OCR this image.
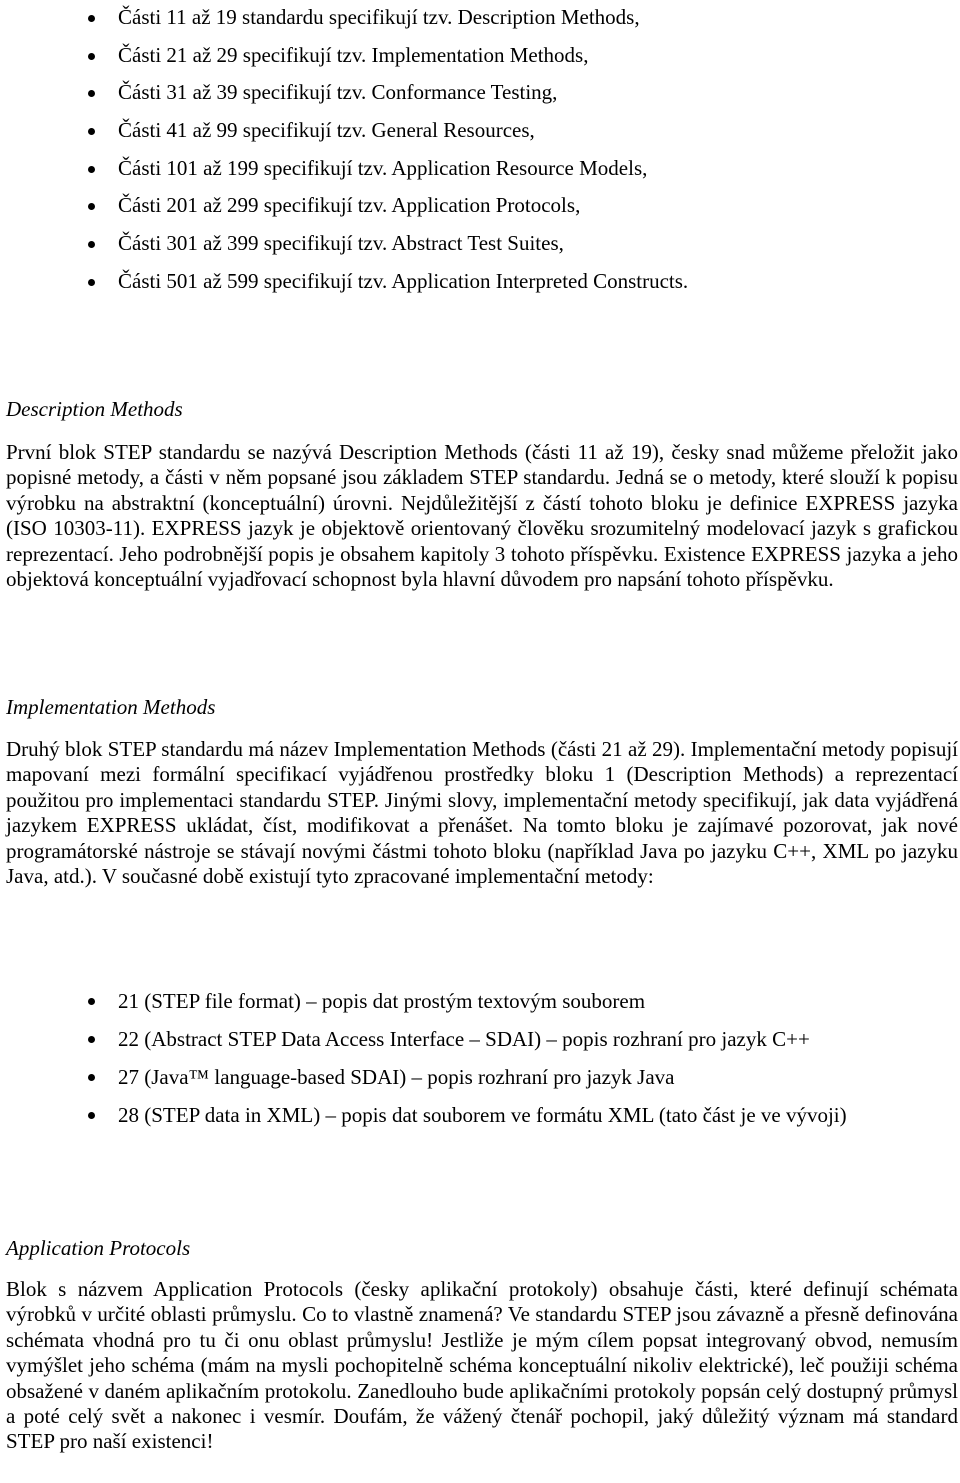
Části 11 až 19 standardu specifikují tzv. Description Methods,
Části 21 až 29 specifikují tzv. Implementation Methods,
Části 31 až 39 specifikují tzv. Conformance Testing,
Části 41 až 99 specifikují tzv. General Resources,
Části 101 až 199 specifikují tzv. Application Resource Models,
Části 201 až 299 specifikují tzv. Application Protocols,
Části 301 až 399 specifikují tzv. Abstract Test Suites,
Části 501 až 599 specifikují tzv. Application Interpreted Constructs.
Description Methods

První blok STEP standardu se nazývá Description Methods (části 11 až 19), česky snad můžeme přeložit jako popisné metody, a části v něm popsané jsou základem STEP standardu. Jedná se o metody, které slouží k popisu výrobku na abstraktní (konceptuální) úrovni. Nejdůležitější z částí tohoto bloku je definice EXPRESS jazyka (ISO 10303-11). EXPRESS jazyk je objektově orientovaný člověku srozumitelný modelovací jazyk s grafickou reprezentací. Jeho podrobnější popis je obsahem kapitoly 3 tohoto příspěvku. Existence EXPRESS jazyka a jeho objektová konceptuální vyjadřovací schopnost byla hlavní důvodem pro napsání tohoto příspěvku.

Implementation Methods

Druhý blok STEP standardu má název Implementation Methods (části 21 až 29). Implementační metody popisují mapovaní mezi formální specifikací vyjádřenou prostředky bloku 1 (Description Methods) a reprezentací použitou pro implementaci standardu STEP. Jinými slovy, implementační metody specifikují, jak data vyjádřená jazykem EXPRESS ukládat, číst, modifikovat a přenášet. Na tomto bloku je zajímavé pozorovat, jak nové programátorské nástroje se stávají novými částmi tohoto bloku (například Java po jazyku C++, XML po jazyku Java, atd.). V současné době existují tyto zpracované implementační metody:

21 (STEP file format) – popis dat prostým textovým souborem
22 (Abstract STEP Data Access Interface – SDAI) – popis rozhraní pro jazyk C++
27 (Java™ language-based SDAI) – popis rozhraní pro jazyk Java
28 (STEP data in XML) – popis dat souborem ve formátu XML (tato část je ve vývoji)
Application Protocols

Blok s názvem Application Protocols (česky aplikační protokoly) obsahuje části, které definují schémata výrobků v určité oblasti průmyslu. Co to vlastně znamená? Ve standardu STEP jsou závazně a přesně definována schémata vhodná pro tu či onu oblast průmyslu! Jestliže je mým cílem popsat integrovaný obvod, nemusím vymýšlet jeho schéma (mám na mysli pochopitelně schéma konceptuální nikoliv elektrické), leč použiji schéma obsažené v daném aplikačním protokolu. Zanedlouho bude aplikačními protokoly popsán celý dostupný průmysl a poté celý svět a nakonec i vesmír. Doufám, že vážený čtenář pochopil, jaký důležitý význam má standard STEP pro naší existenci!
